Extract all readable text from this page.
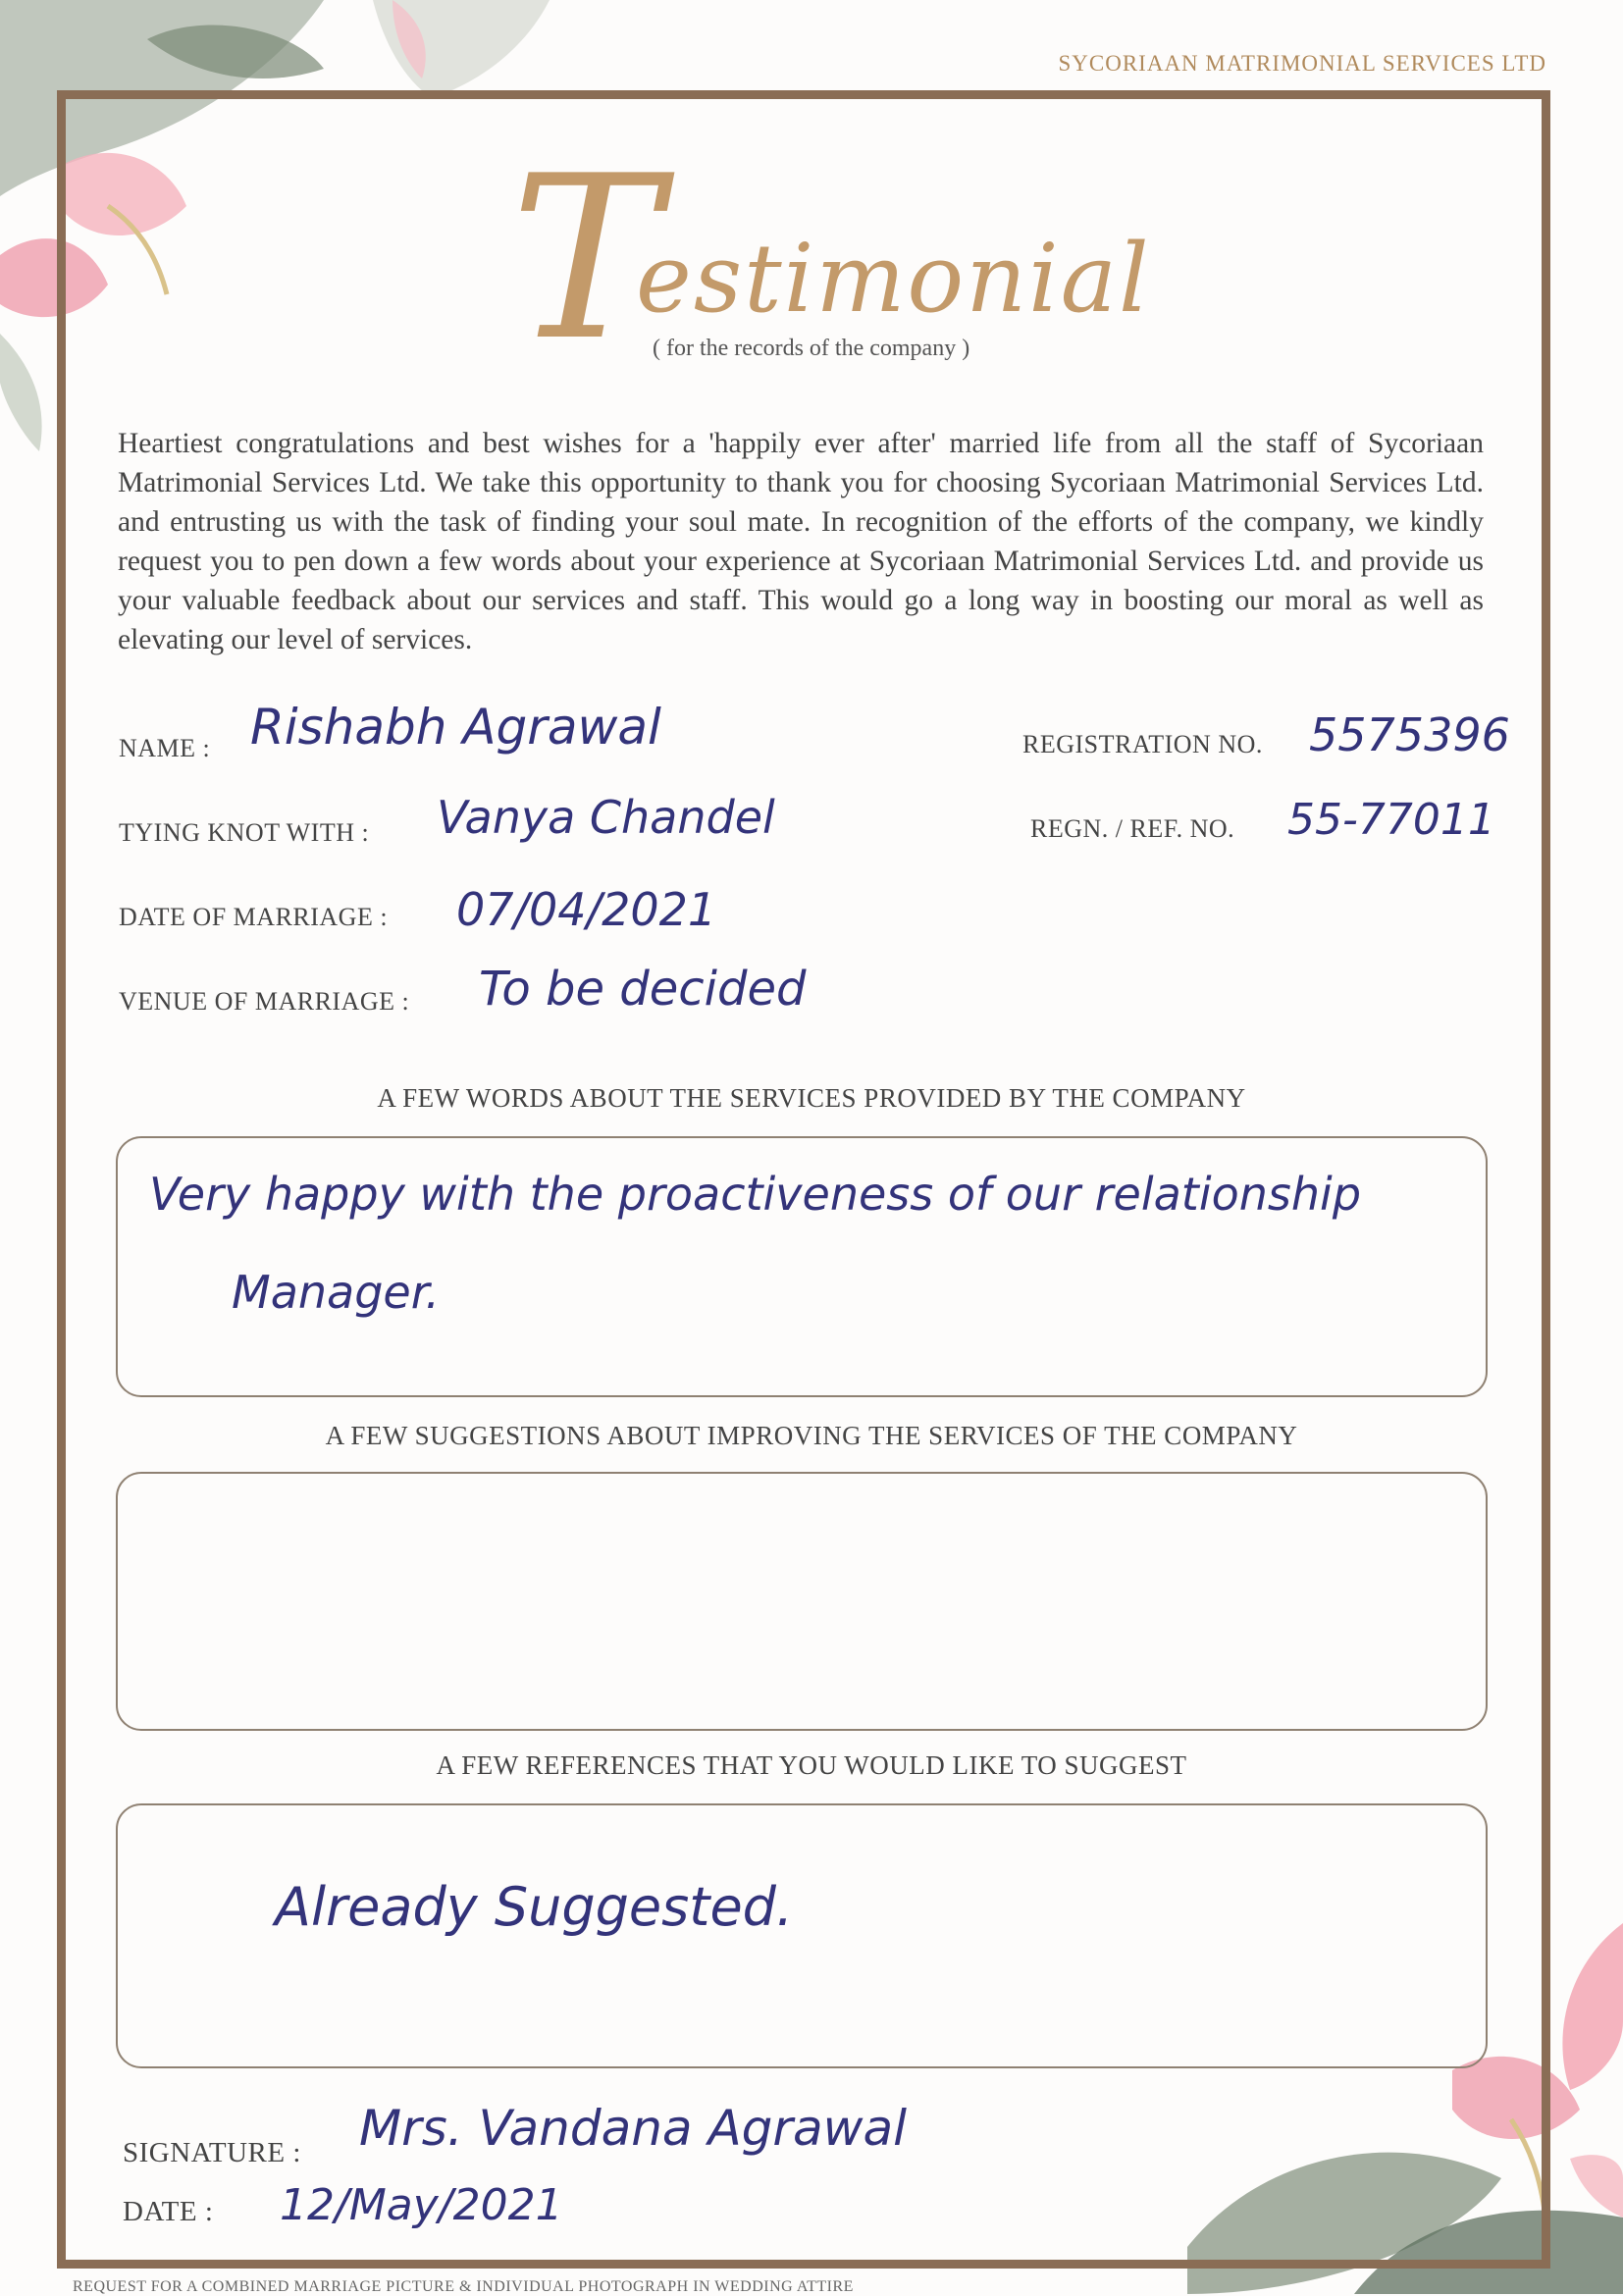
SYCORIAAN MATRIMONIAL SERVICES LTD
T
estimonial
( for the records of the company )
Heartiest congratulations and best wishes for a 'happily ever after' married life from all the staff of Sycoriaan Matrimonial Services Ltd. We take this opportunity to thank you for choosing Sycoriaan Matrimonial Services Ltd. and entrusting us with the task of finding your soul mate. In recognition of the efforts of the company, we kindly request you to pen down a few words about your experience at Sycoriaan Matrimonial Services Ltd. and provide us your valuable feedback about our services and staff. This would go a long way in boosting our moral as well as elevating our level of services.
NAME : Rishabh Agrawal	REGISTRATION NO. 5575396
TYING KNOT WITH : Vanya Chandel	REGN. / REF. NO. 55-77011
DATE OF MARRIAGE : 07/04/2021
VENUE OF MARRIAGE : To be decided
A FEW WORDS ABOUT THE SERVICES PROVIDED BY THE COMPANY
Very happy with the proactiveness of our relationship
Manager.
A FEW SUGGESTIONS ABOUT IMPROVING THE SERVICES OF THE COMPANY
A FEW REFERENCES THAT YOU WOULD LIKE TO SUGGEST
Already Suggested.
SIGNATURE : Mrs. Vandana Agrawal
DATE : 12/May/2021
REQUEST FOR A COMBINED MARRIAGE PICTURE & INDIVIDUAL PHOTOGRAPH IN WEDDING ATTIRE
